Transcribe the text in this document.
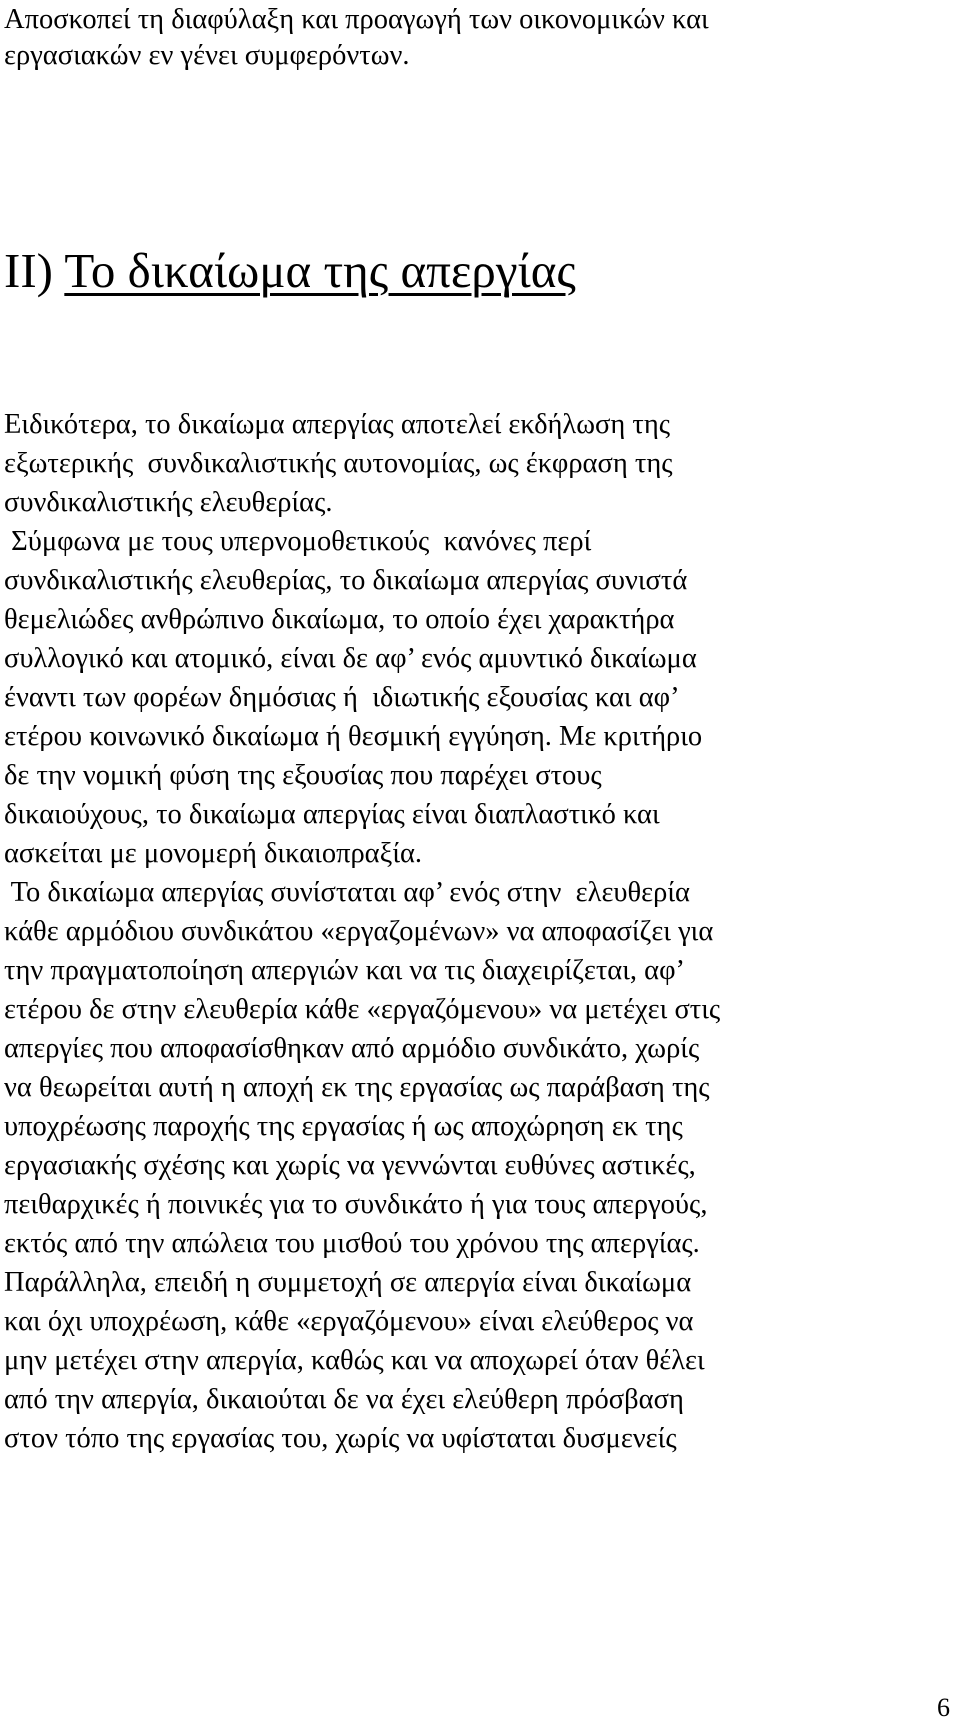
Αποσκοπεί τη διαφύλαξη και προαγωγή των οικονομικών και
εργασιακών εν γένει συμφερόντων.
ΙΙ) Το δικαίωμα της απεργίας
Ειδικότερα, το δικαίωμα απεργίας αποτελεί εκδήλωση της
εξωτερικής  συνδικαλιστικής αυτονομίας, ως έκφραση της
συνδικαλιστικής ελευθερίας.
Σύμφωνα με τους υπερνομοθετικούς  κανόνες περί
συνδικαλιστικής ελευθερίας, το δικαίωμα απεργίας συνιστά
θεμελιώδες ανθρώπινο δικαίωμα, το οποίο έχει χαρακτήρα
συλλογικό και ατομικό, είναι δε αφ’ ενός αμυντικό δικαίωμα
έναντι των φορέων δημόσιας ή  ιδιωτικής εξουσίας και αφ’
ετέρου κοινωνικό δικαίωμα ή θεσμική εγγύηση. Με κριτήριο
δε την νομική φύση της εξουσίας που παρέχει στους
δικαιούχους, το δικαίωμα απεργίας είναι διαπλαστικό και
ασκείται με μονομερή δικαιοπραξία.
Το δικαίωμα απεργίας συνίσταται αφ’ ενός στην  ελευθερία
κάθε αρμόδιου συνδικάτου «εργαζομένων» να αποφασίζει για
την πραγματοποίηση απεργιών και να τις διαχειρίζεται, αφ’
ετέρου δε στην ελευθερία κάθε «εργαζόμενου» να μετέχει στις
απεργίες που αποφασίσθηκαν από αρμόδιο συνδικάτο, χωρίς
να θεωρείται αυτή η αποχή εκ της εργασίας ως παράβαση της
υποχρέωσης παροχής της εργασίας ή ως αποχώρηση εκ της
εργασιακής σχέσης και χωρίς να γεννώνται ευθύνες αστικές,
πειθαρχικές ή ποινικές για το συνδικάτο ή για τους απεργούς,
εκτός από την απώλεια του μισθού του χρόνου της απεργίας.
Παράλληλα, επειδή η συμμετοχή σε απεργία είναι δικαίωμα
και όχι υποχρέωση, κάθε «εργαζόμενου» είναι ελεύθερος να
μην μετέχει στην απεργία, καθώς και να αποχωρεί όταν θέλει
από την απεργία, δικαιούται δε να έχει ελεύθερη πρόσβαση
στον τόπο της εργασίας του, χωρίς να υφίσταται δυσμενείς
6
